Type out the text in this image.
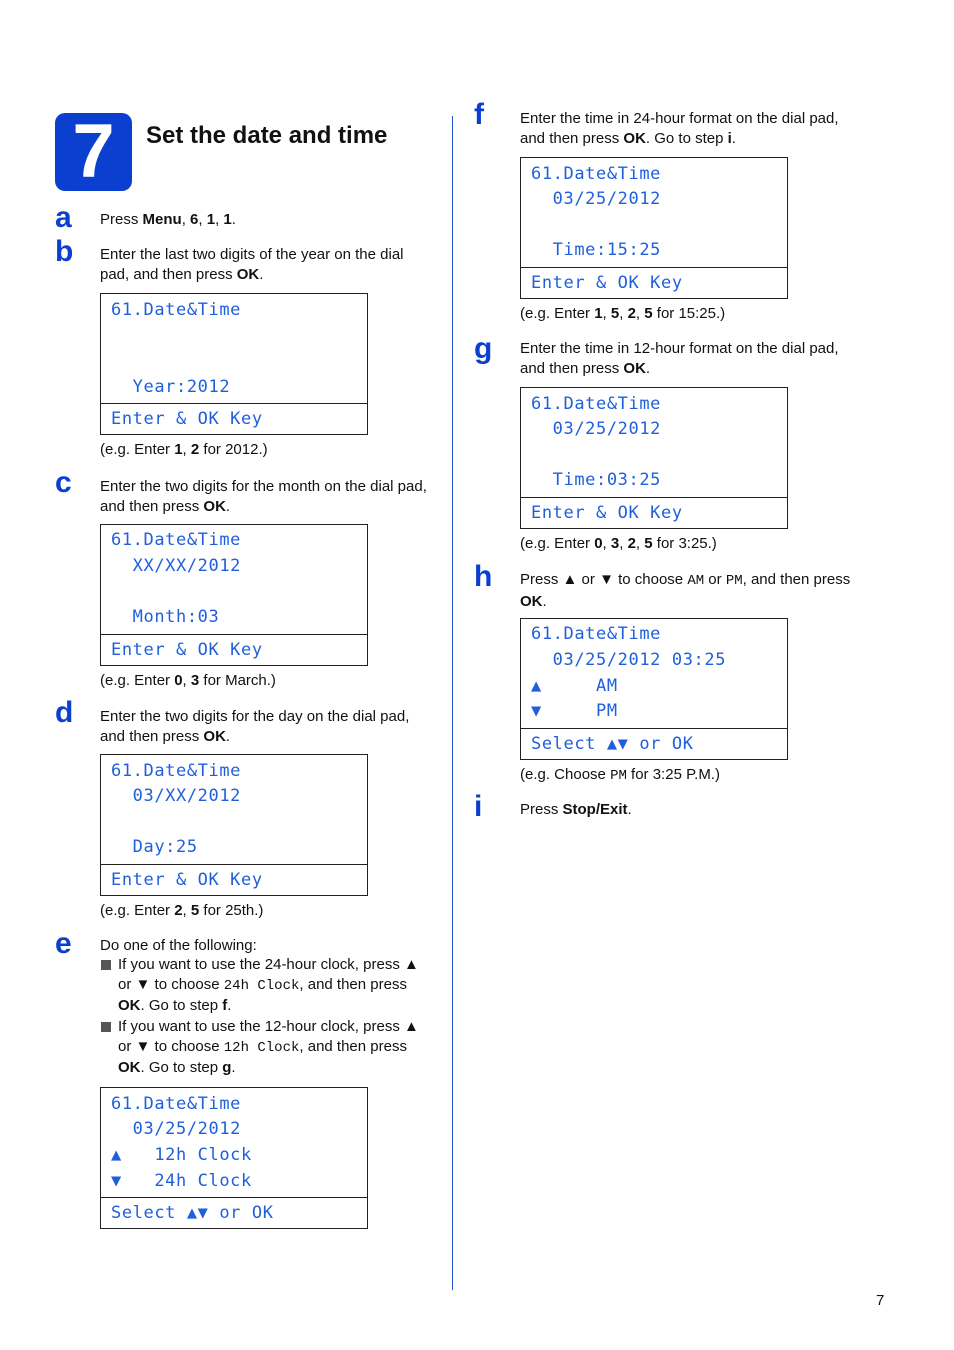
7	Set the date and time
a	Press Menu, 6, 1, 1.
b	Enter the last two digits of the year on the dial pad, and then press OK.
61.Date&Time
Year:2012
Enter & OK Key
(e.g. Enter 1, 2 for 2012.)
c	Enter the two digits for the month on the dial pad, and then press OK.
61.Date&Time
XX/XX/2012
Month:03
Enter & OK Key
(e.g. Enter 0, 3 for March.)
d	Enter the two digits for the day on the dial pad, and then press OK.
61.Date&Time
03/XX/2012
Day:25
Enter & OK Key
(e.g. Enter 2, 5 for 25th.)
e	Do one of the following:
If you want to use the 24-hour clock, press ▲ or ▼ to choose 24h Clock, and then press OK. Go to step f.
If you want to use the 12-hour clock, press ▲ or ▼ to choose 12h Clock, and then press OK. Go to step g.
61.Date&Time
03/25/2012
▲   12h Clock
▼   24h Clock
Select ▲▼ or OK
f	Enter the time in 24-hour format on the dial pad, and then press OK. Go to step i.
61.Date&Time
03/25/2012
Time:15:25
Enter & OK Key
(e.g. Enter 1, 5, 2, 5 for 15:25.)
g	Enter the time in 12-hour format on the dial pad, and then press OK.
61.Date&Time
03/25/2012
Time:03:25
Enter & OK Key
(e.g. Enter 0, 3, 2, 5 for 3:25.)
h	Press ▲ or ▼ to choose AM or PM, and then press OK.
61.Date&Time
03/25/2012 03:25
▲     AM
▼     PM
Select ▲▼ or OK
(e.g. Choose PM for 3:25 P.M.)
i	Press Stop/Exit.
7
